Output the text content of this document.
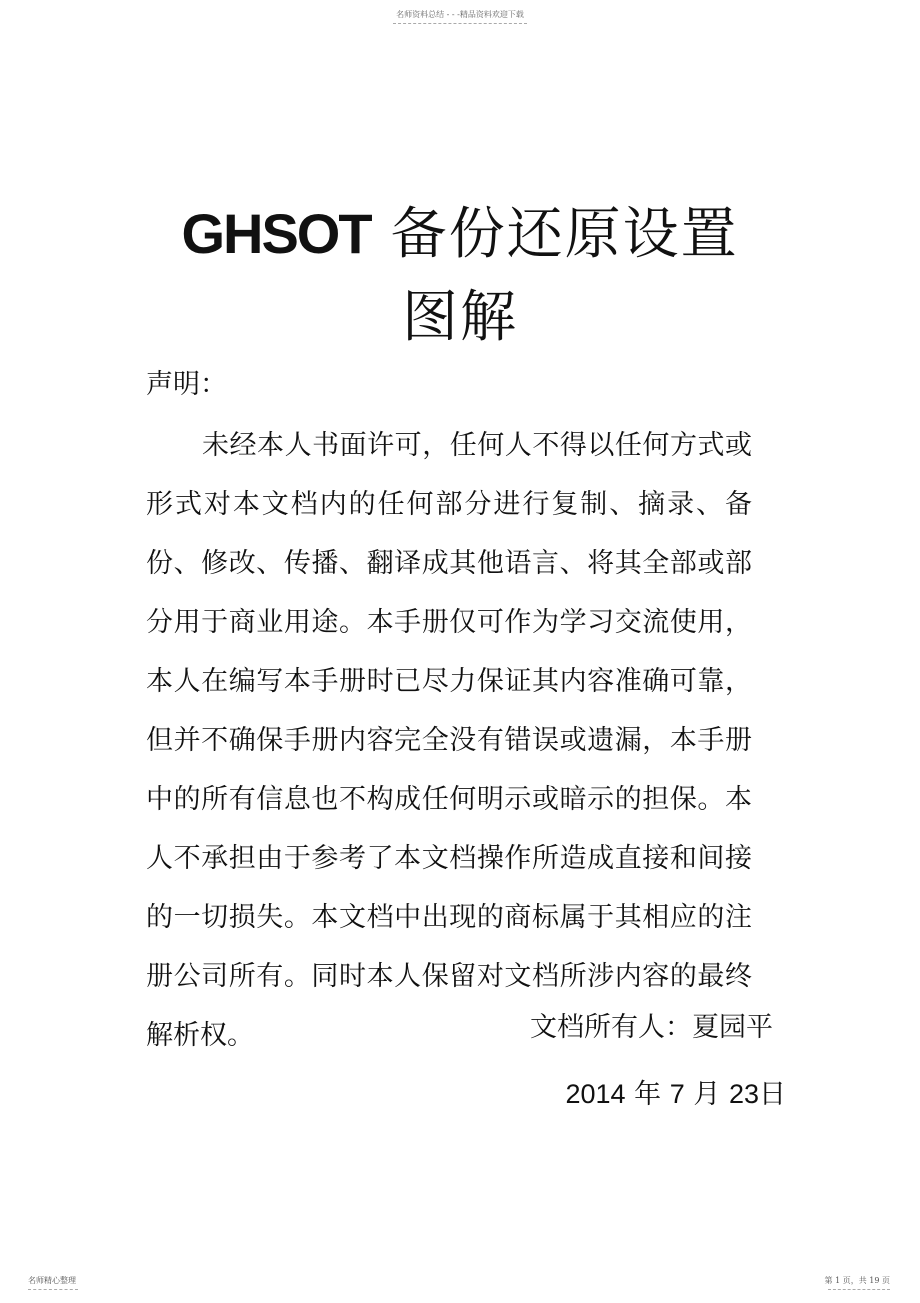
名师资料总结 - - -精品资料欢迎下载
GHSOT 备份还原设置
图解
声明：

未经本人书面许可，任何人不得以任何方式或形式对本文档内的任何部分进行复制、摘录、备份、修改、传播、翻译成其他语言、将其全部或部分用于商业用途。本手册仅可作为学习交流使用，本人在编写本手册时已尽力保证其内容准确可靠，但并不确保手册内容完全没有错误或遗漏，本手册中的所有信息也不构成任何明示或暗示的担保。本人不承担由于参考了本文档操作所造成直接和间接的一切损失。本文档中出现的商标属于其相应的注册公司所有。同时本人保留对文档所涉内容的最终解析权。	文档所有人：夏园平
2014 年 7 月 23日
名师精心整理	第 1 页，共 19 页
